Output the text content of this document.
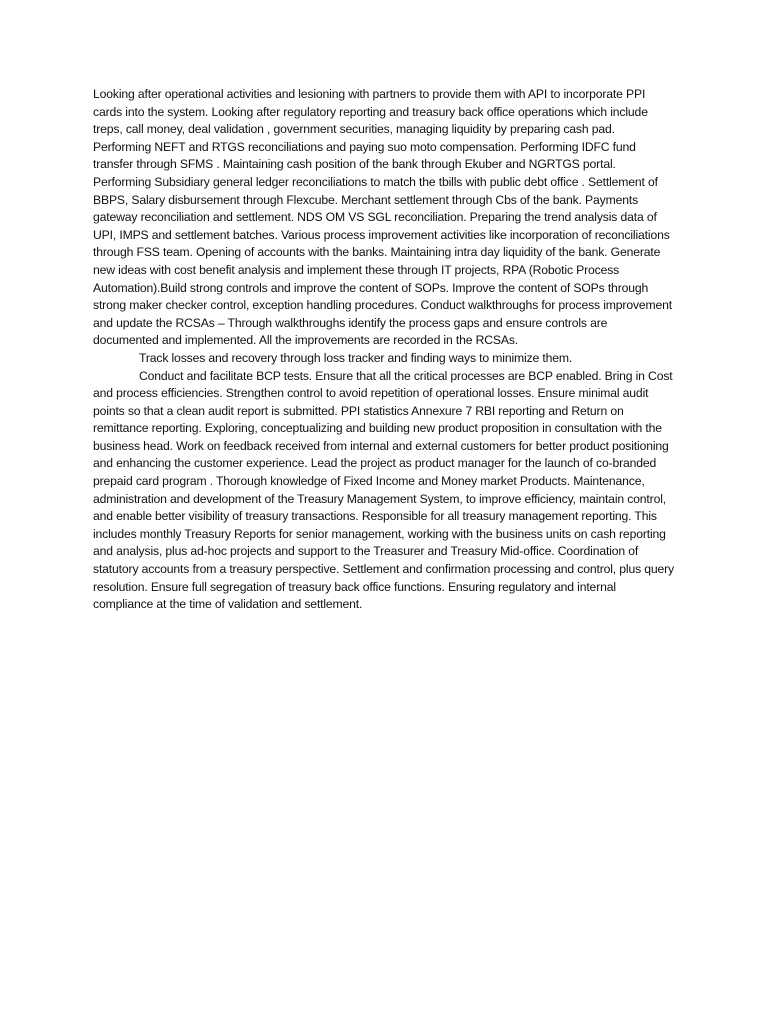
Looking after operational activities and lesioning with partners to provide them with API to incorporate PPI cards into the system. Looking after regulatory reporting and treasury back office operations which include treps, call money, deal validation , government securities, managing liquidity by preparing cash pad. Performing NEFT and RTGS reconciliations and paying suo moto compensation. Performing IDFC fund transfer through SFMS . Maintaining cash position of the bank through Ekuber and NGRTGS portal. Performing Subsidiary general ledger reconciliations to match the tbills with public debt office . Settlement of BBPS, Salary disbursement through Flexcube. Merchant settlement through Cbs of the bank. Payments gateway reconciliation and settlement. NDS OM VS SGL reconciliation. Preparing the trend analysis data of UPI, IMPS and settlement batches. Various process improvement activities like incorporation of reconciliations through FSS team. Opening of accounts with the banks. Maintaining intra day liquidity of the bank. Generate new ideas with cost benefit analysis and implement these through IT projects, RPA (Robotic Process Automation).Build strong controls and improve the content of SOPs. Improve the content of SOPs through strong maker checker control, exception handling procedures. Conduct walkthroughs for process improvement and update the RCSAs – Through walkthroughs identify the process gaps and ensure controls are documented and implemented. All the improvements are recorded in the RCSAs.

Track losses and recovery through loss tracker and finding ways to minimize them.

Conduct and facilitate BCP tests. Ensure that all the critical processes are BCP enabled. Bring in Cost and process efficiencies. Strengthen control to avoid repetition of operational losses. Ensure minimal audit points so that a clean audit report is submitted. PPI statistics Annexure 7 RBI reporting and Return on remittance reporting. Exploring, conceptualizing and building new product proposition in consultation with the business head. Work on feedback received from internal and external customers for better product positioning and enhancing the customer experience. Lead the project as product manager for the launch of co-branded prepaid card program . Thorough knowledge of Fixed Income and Money market Products. Maintenance, administration and development of the Treasury Management System, to improve efficiency, maintain control, and enable better visibility of treasury transactions. Responsible for all treasury management reporting. This includes monthly Treasury Reports for senior management, working with the business units on cash reporting and analysis, plus ad-hoc projects and support to the Treasurer and Treasury Mid-office. Coordination of statutory accounts from a treasury perspective. Settlement and confirmation processing and control, plus query resolution. Ensure full segregation of treasury back office functions. Ensuring regulatory and internal compliance at the time of validation and settlement.
